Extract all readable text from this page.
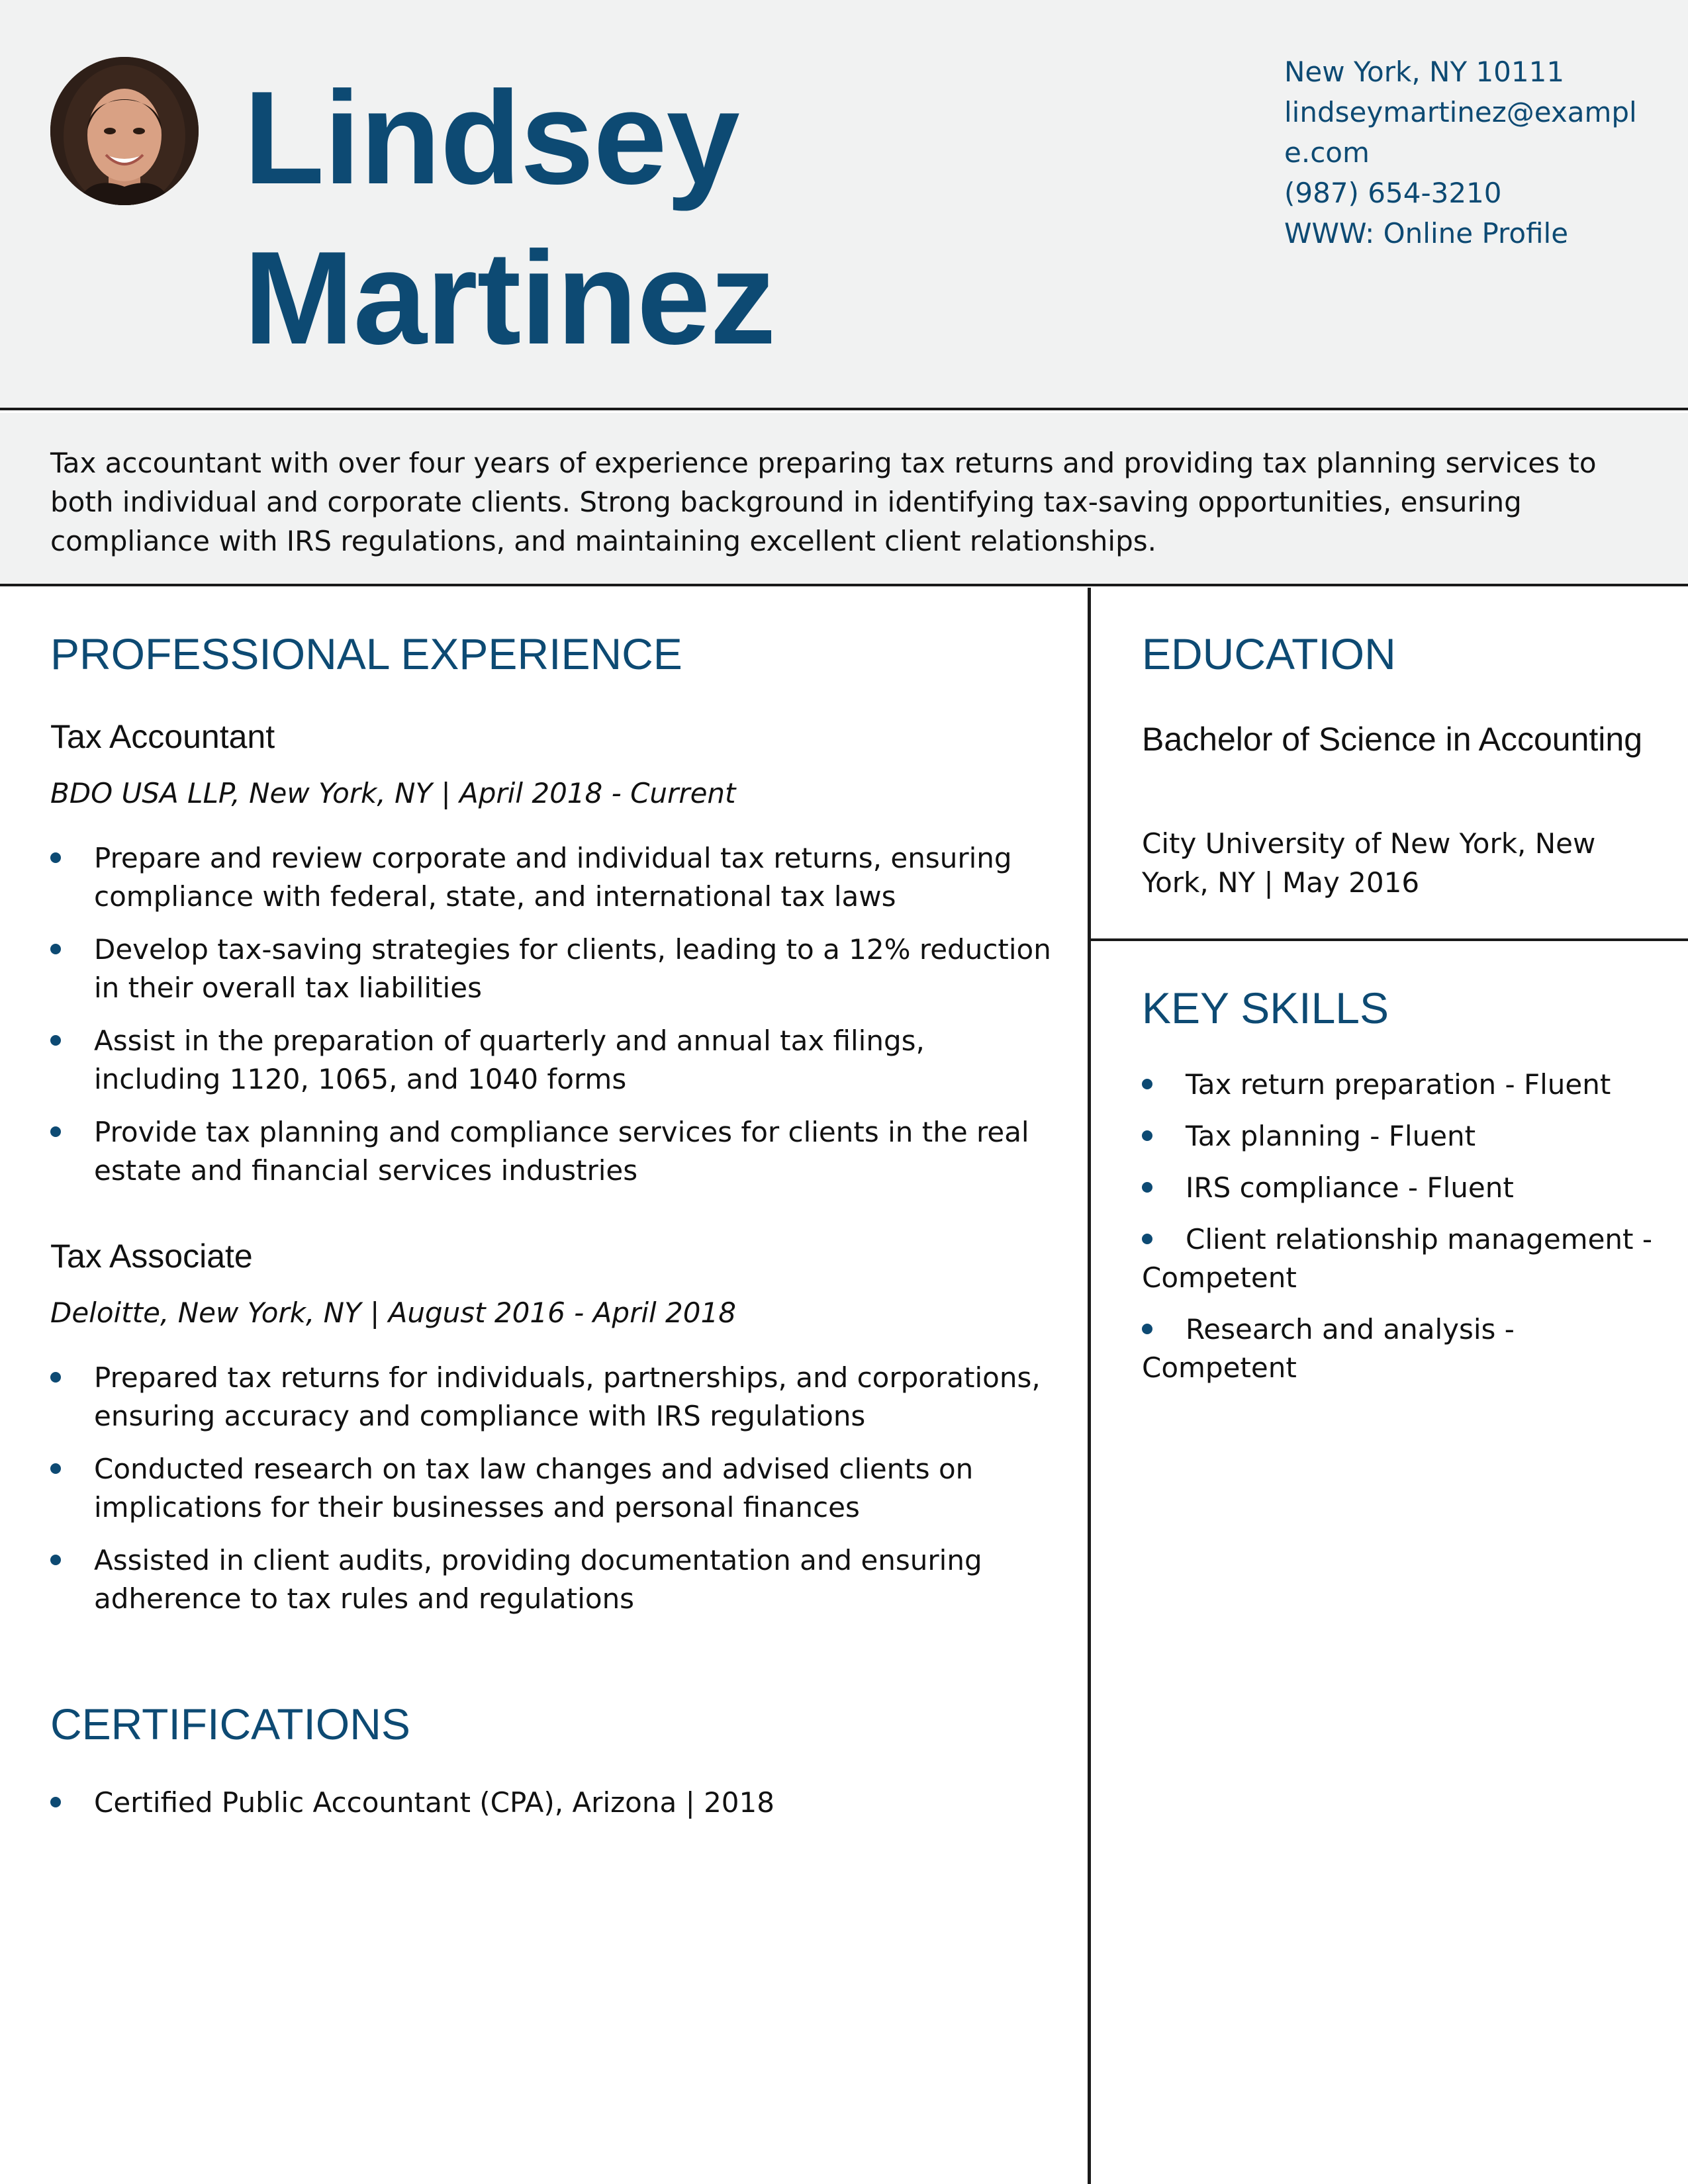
Lindsey
Martinez
New York, NY 10111
lindseymartinez@example.com
(987) 654-3210
WWW: Online Profile
Tax accountant with over four years of experience preparing tax returns and providing tax planning services to both individual and corporate clients. Strong background in identifying tax-saving opportunities, ensuring compliance with IRS regulations, and maintaining excellent client relationships.
PROFESSIONAL EXPERIENCE
Tax Accountant
BDO USA LLP, New York, NY | April 2018 - Current
Prepare and review corporate and individual tax returns, ensuring compliance with federal, state, and international tax laws
Develop tax-saving strategies for clients, leading to a 12% reduction in their overall tax liabilities
Assist in the preparation of quarterly and annual tax filings, including 1120, 1065, and 1040 forms
Provide tax planning and compliance services for clients in the real estate and financial services industries
Tax Associate
Deloitte, New York, NY | August 2016 - April 2018
Prepared tax returns for individuals, partnerships, and corporations, ensuring accuracy and compliance with IRS regulations
Conducted research on tax law changes and advised clients on implications for their businesses and personal finances
Assisted in client audits, providing documentation and ensuring adherence to tax rules and regulations
CERTIFICATIONS
Certified Public Accountant (CPA), Arizona | 2018
EDUCATION
Bachelor of Science in Accounting
City University of New York, New York, NY | May 2016
KEY SKILLS
Tax return preparation - Fluent
Tax planning - Fluent
IRS compliance - Fluent
Client relationship management - Competent
Research and analysis - Competent
